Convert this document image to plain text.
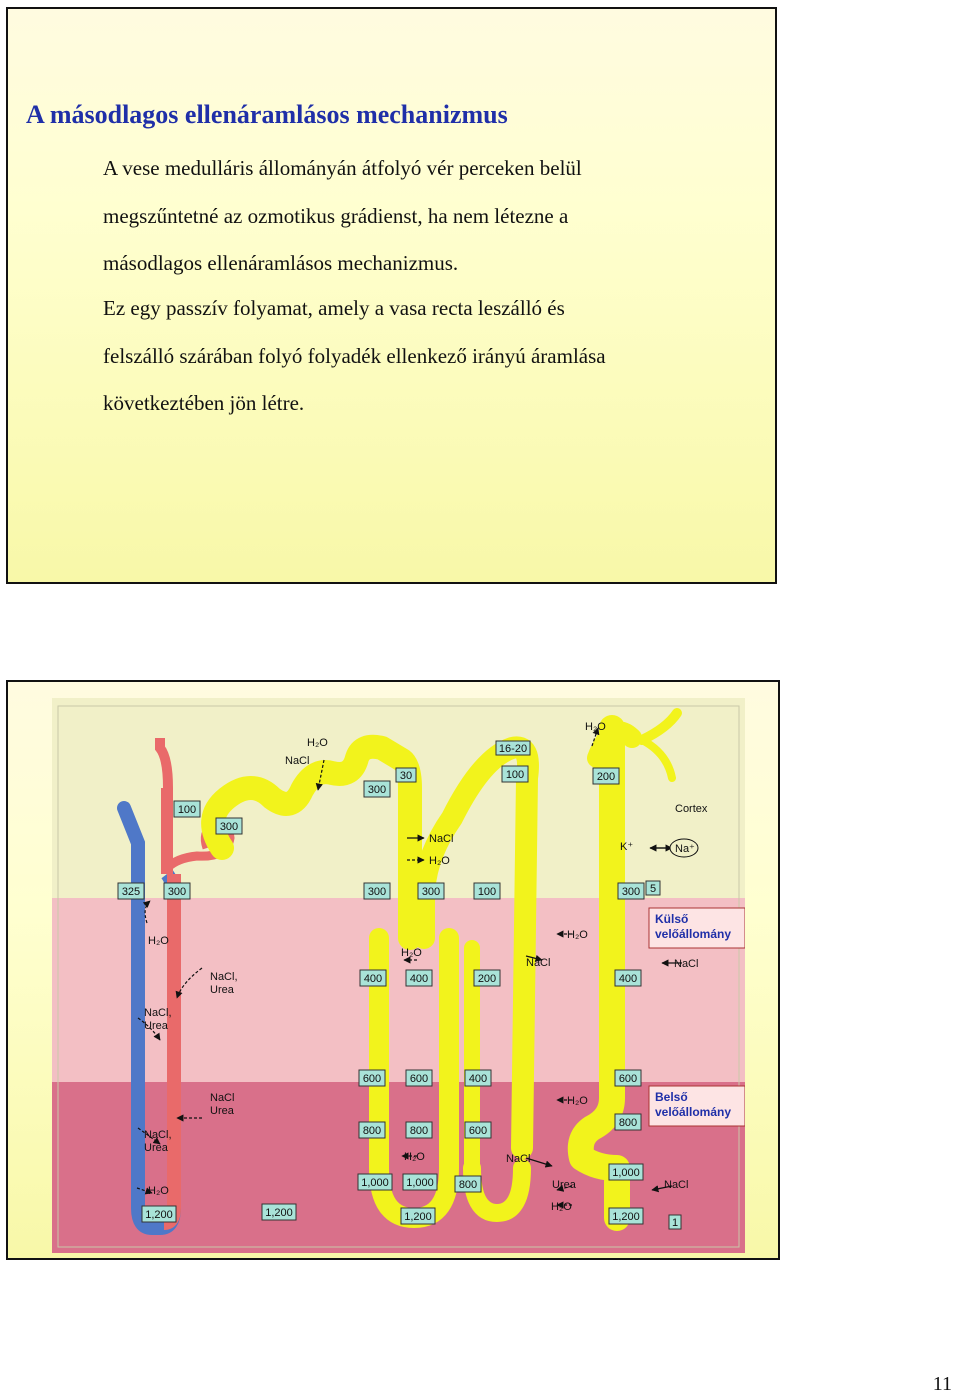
A másodlagos ellenáramlásos mechanizmus
A vese medulláris állományán átfolyó vér perceken belül
megszűntetné az ozmotikus grádienst, ha nem létezne a
másodlagos ellenáramlásos mechanizmus.
Ez egy passzív folyamat, amely a vasa recta leszálló és
felszálló szárában folyó folyadék ellenkező irányú áramlása
következtében jön létre.
100
300
325	300
300
30
300	300	100
16-20
100	200
300 5
400	400	200	400
600	600	400	600
800	800	600
800
1,000 1,000 800
1,000
1,200	1,200	1,200	1,200	1
H₂O
NaCl
H₂O
NaCl
H₂O
K⁺	Na⁺
Cortex
H₂O
NaCl,
Urea
NaCl,
Urea
H₂O
NaCl
H₂O
NaCl
NaCl
Urea
NaCl,
Urea
H₂O
H₂O	NaCl
H₂O	Urea	NaCl
H₂O
Külső
velőállomány
Belső
velőállomány
11
